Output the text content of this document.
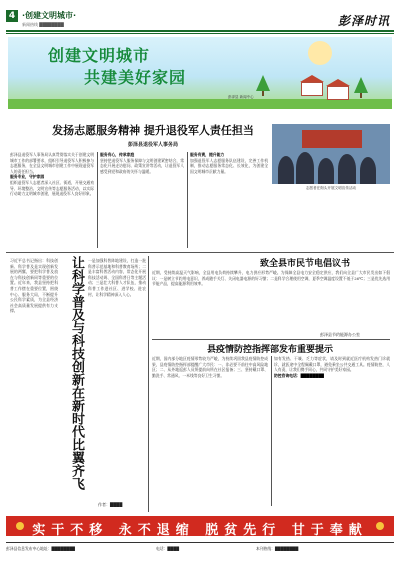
4 ·创建文明城市·
新闻热线 ████████	彭泽时讯
创建文明城市
共建美好家园
彭泽县 新闻中心
发扬志愿服务精神 提升退役军人责任担当
彭泽县退役军人事务局
彭泽县退役军人事务局认真贯彻落实关于创建文明城市工作的部署要求，组织引导退役军人积极参与志愿服务，在全县文明城市创建工作中展现退役军人的责任担当。
服务专业，守护家园
组织退役军人志愿者深入社区、街道，开展交通劝导、环境整治、文明宣传等志愿服务活动，以实际行动助力文明城市创建，展现退役军人良好形象。
服务有心，传承家庭
坚持把退役军人服务保障与文明创建紧密结合，常态化开展走访慰问、政策宣讲等活动，让退役军人感受到党和政府的关怀与温暖。
服务有责，提升能力
加强退役军人志愿服务队伍建设，完善工作机制，推动志愿服务常态化、长效化，为创建全国文明城市贡献力量。
志愿者在街头开展文明宣传活动
习近平总书记指出：科技创新、科学普及是实现创新发展的两翼，要把科学普及放在与科技创新同等重要的位置。近年来，我县坚持把科普工作摆在重要位置，围绕中心、服务大局，不断提升公民科学素质，为全县经济社会高质量发展提供有力支撑。	让科学普及与科技创新在新时代比翼齐飞 一是加强科普阵地建设，打造一批科普示范基地和科普教育场所；二是丰富科普活动内容，常态化开展科技活动周、全国科普日等主题活动；三是壮大科普人才队伍，推动科普工作进社区、进学校、进农村，让科学精神深入人心。
作者：████
致全县市民节电倡议书
近期，受持续高温天气影响，全县用电负荷持续攀升，电力供应形势严峻。为保障全县电力安全稳定供应，我们向全县广大市民发出如下倡议：一是树立节约用电意识，养成随手关灯、关闭电器电源的好习惯；二是科学合理使用空调，夏季空调温度设置不低于26℃；三是优先选用节能产品，提高能源利用效率。
彭泽县节约能源办公室
县疫情防控指挥部发布重要提示
近期，国内部分地区疫情形势较为严峻，为持续巩固我县疫情防控成果，县疫情防控指挥部提醒广大市民：一、非必要不前往中高风险地区；二、从外地返彭人员须提前向所在社区报备；三、坚持戴口罩、勤洗手、常通风、一米线等良好卫生习惯。
如有发热、干咳、乏力等症状，请及时到就近医疗机构发热门诊就诊，就医途中全程佩戴口罩，避免乘坐公共交通工具。疫情防控，人人有责，让我们携手同心，共同守护美好家园。
防控咨询电话：████████
实干不移 永不退缩 脱贫先行 甘于奉献
彭泽县信息发布中心地址：████████	电话：████	本刊热线：████████
